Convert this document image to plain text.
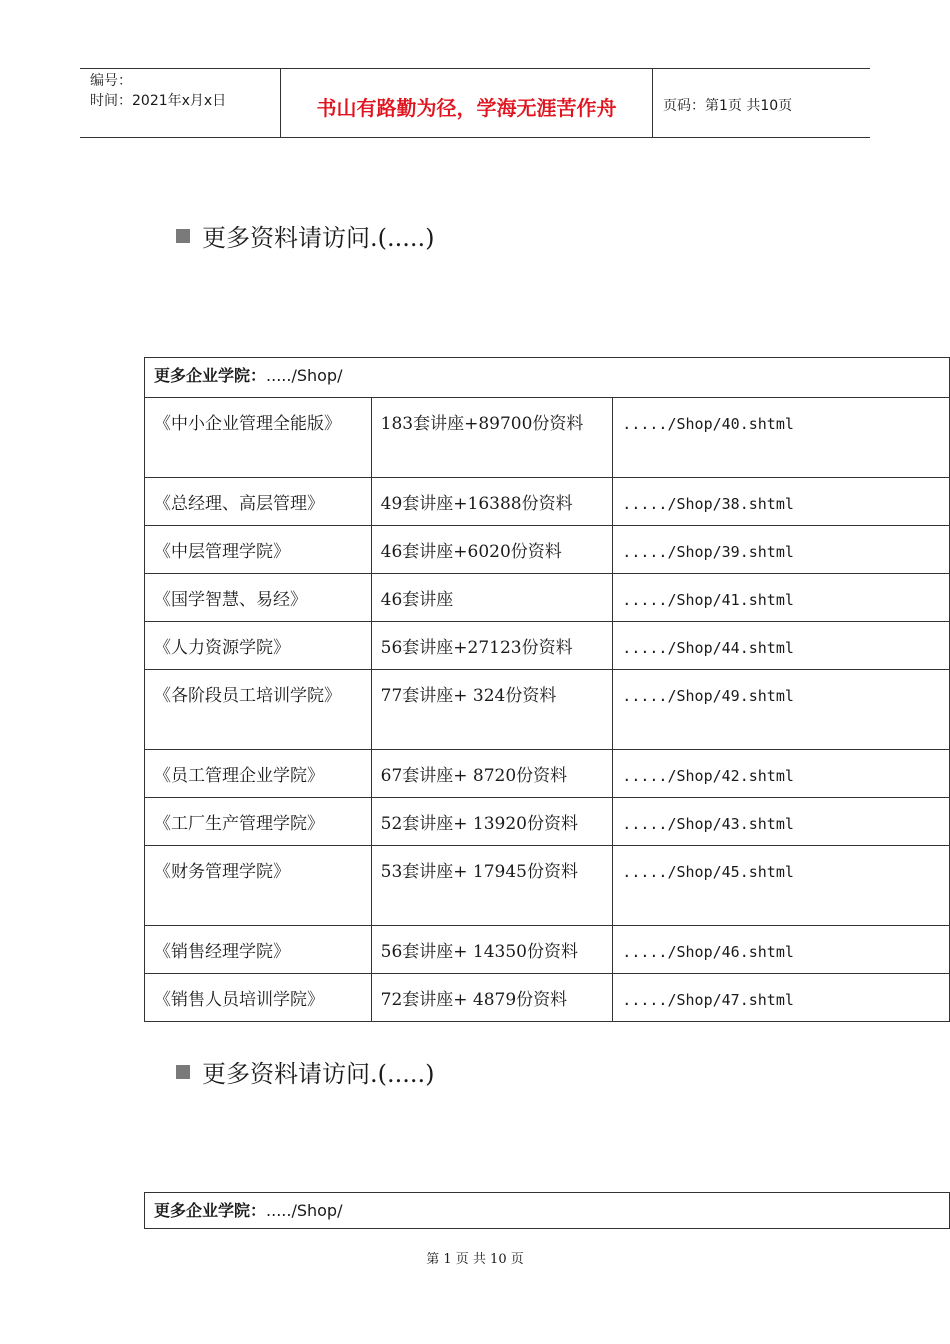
编号：
时间：2021年x月x日	书山有路勤为径，学海无涯苦作舟	页码：第1页 共10页
更多资料请访问.(.....)
更多企业学院：...../Shop/		
《中小企业管理全能版》	183套讲座+89700份资料	...../Shop/40.shtml
《总经理、高层管理》	49套讲座+16388份资料	...../Shop/38.shtml
《中层管理学院》	46套讲座+6020份资料	...../Shop/39.shtml
《国学智慧、易经》	46套讲座	...../Shop/41.shtml
《人力资源学院》	56套讲座+27123份资料	...../Shop/44.shtml
《各阶段员工培训学院》	77套讲座+ 324份资料	...../Shop/49.shtml
《员工管理企业学院》	67套讲座+ 8720份资料	...../Shop/42.shtml
《工厂生产管理学院》	52套讲座+ 13920份资料	...../Shop/43.shtml
《财务管理学院》	53套讲座+ 17945份资料	...../Shop/45.shtml
《销售经理学院》	56套讲座+ 14350份资料	...../Shop/46.shtml
《销售人员培训学院》	72套讲座+ 4879份资料	...../Shop/47.shtml
更多资料请访问.(.....)
更多企业学院：...../Shop/
第 1 页 共 10 页
